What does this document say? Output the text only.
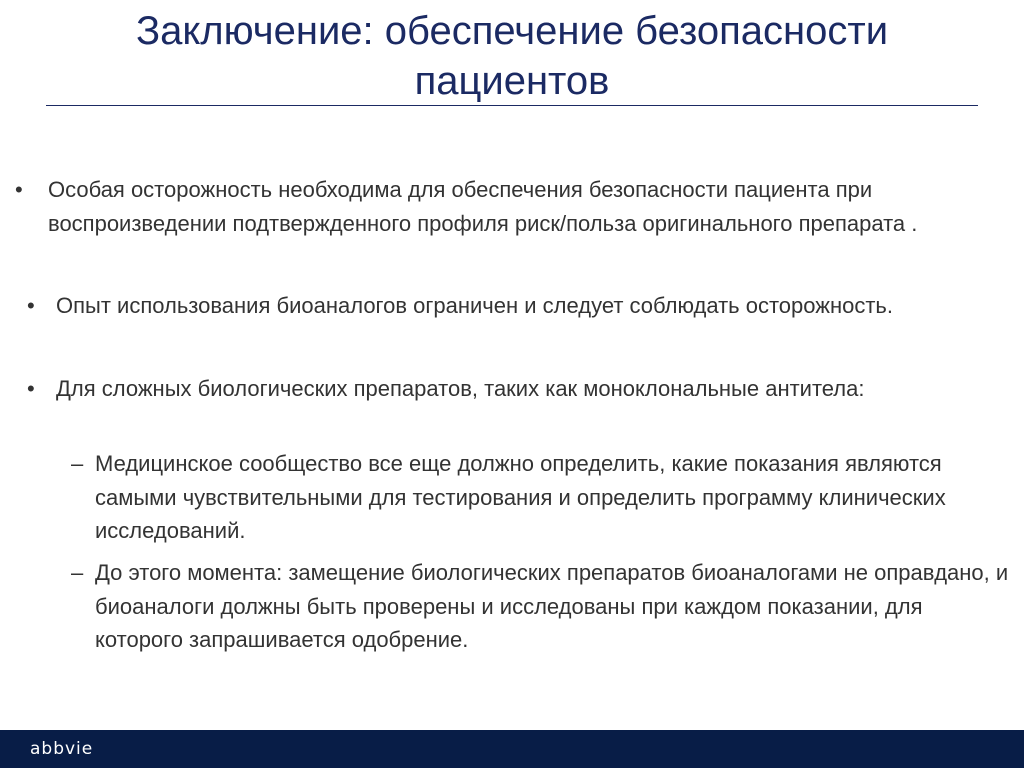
Заключение: обеспечение безопасности пациентов
• Особая осторожность необходима для обеспечения безопасности пациента при воспроизведении подтвержденного профиля риск/польза оригинального препарата .
• Опыт использования биоаналогов ограничен и следует соблюдать осторожность.
• Для сложных биологических препаратов, таких как моноклональные антитела:
– Медицинское сообщество все еще должно определить, какие показания являются самыми чувствительными для тестирования и определить программу клинических исследований.
– До этого момента: замещение биологических препаратов биоаналогами не оправдано, и биоаналоги должны быть проверены и исследованы при каждом показании, для которого запрашивается одобрение.
abbvie
